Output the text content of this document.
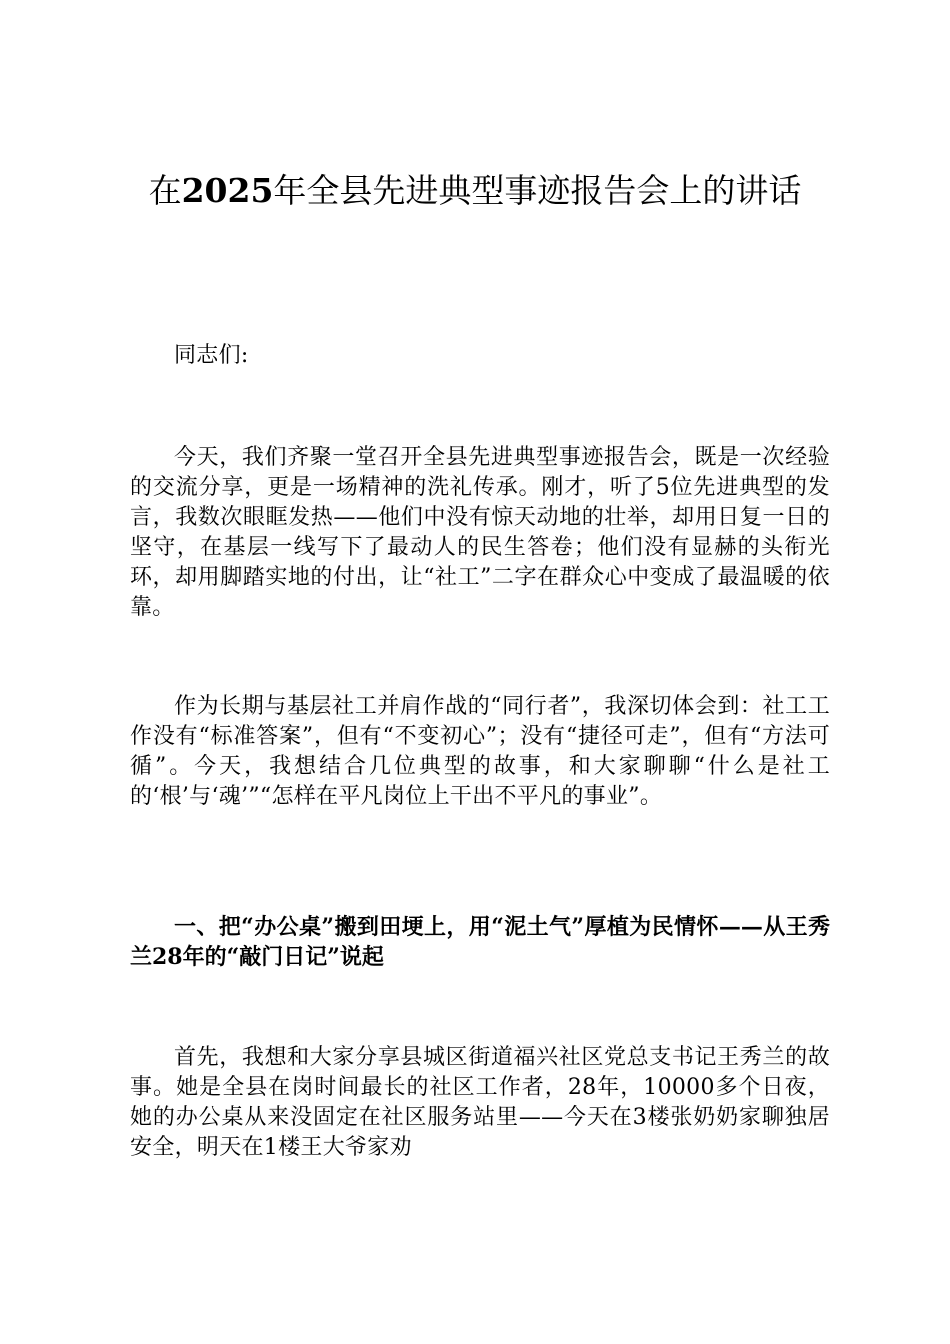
在2025年全县先进典型事迹报告会上的讲话

同志们:

今天，我们齐聚一堂召开全县先进典型事迹报告会，既是一次经验的交流分享，更是一场精神的洗礼传承。刚才，听了5位先进典型的发言，我数次眼眶发热——他们中没有惊天动地的壮举，却用日复一日的坚守，在基层一线写下了最动人的民生答卷；他们没有显赫的头衔光环，却用脚踏实地的付出，让“社工”二字在群众心中变成了最温暖的依靠。

作为长期与基层社工并肩作战的“同行者”，我深切体会到：社工工作没有“标准答案”，但有“不变初心”；没有“捷径可走”，但有“方法可循”。今天，我想结合几位典型的故事，和大家聊聊“什么是社工的‘根’与‘魂’”“怎样在平凡岗位上干出不平凡的事业”。

一、把“办公桌”搬到田埂上，用“泥土气”厚植为民情怀——从王秀兰28年的“敲门日记”说起

首先，我想和大家分享县城区街道福兴社区党总支书记王秀兰的故事。她是全县在岗时间最长的社区工作者，28年，10000多个日夜，她的办公桌从来没固定在社区服务站里——今天在3楼张奶奶家聊独居安全，明天在1楼王大爷家劝
